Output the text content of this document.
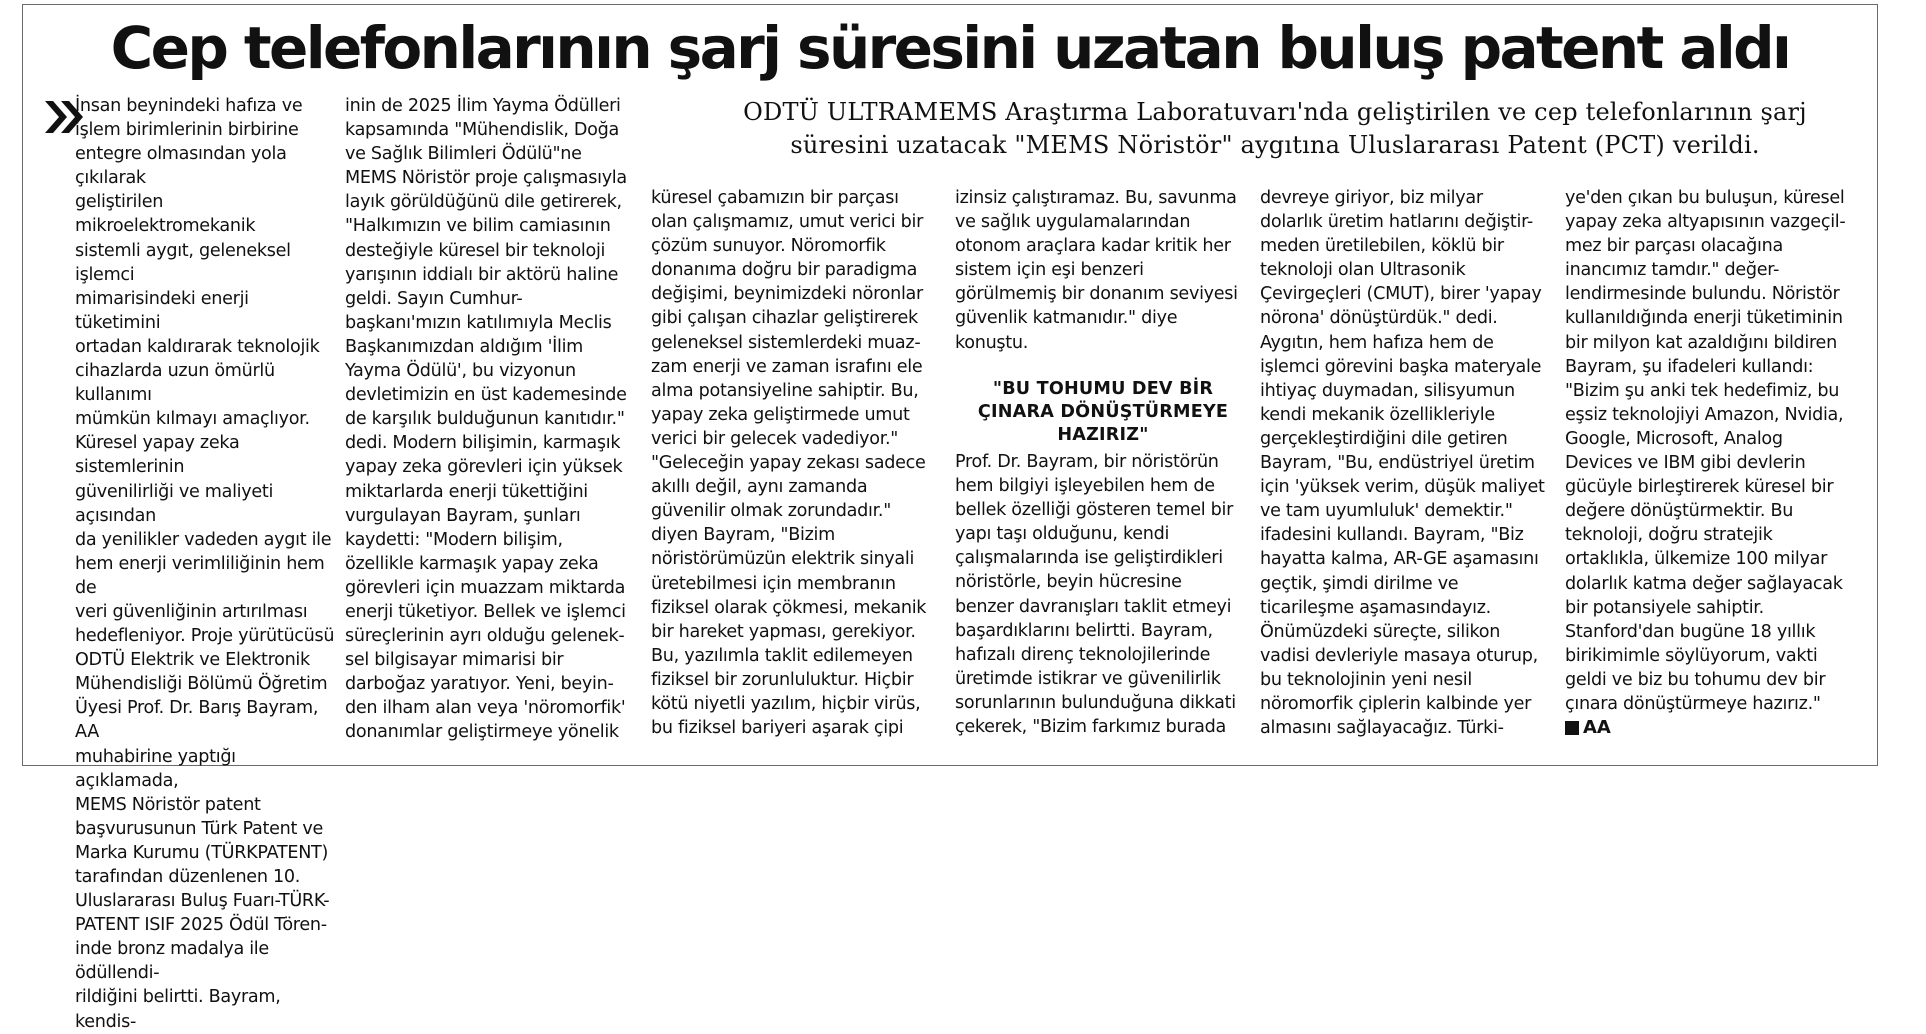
Cep telefonlarının şarj süresini uzatan buluş patent aldı
ODTÜ ULTRAMEMS Araştırma Laboratuvarı'nda geliştirilen ve cep telefonlarının şarj
süresini uzatacak "MEMS Nöristör" aygıtına Uluslararası Patent (PCT) verildi.

İnsan beynindeki hafıza ve
işlem birimlerinin birbirine
entegre olmasından yola çıkılarak
geliştirilen mikroelektromekanik
sistemli aygıt, geleneksel işlemci
mimarisindeki enerji tüketimini
ortadan kaldırarak teknolojik
cihazlarda uzun ömürlü kullanımı
mümkün kılmayı amaçlıyor.
Küresel yapay zeka sistemlerinin
güvenilirliği ve maliyeti açısından
da yenilikler vadeden aygıt ile
hem enerji verimliliğinin hem de
veri güvenliğinin artırılması
hedefleniyor. Proje yürütücüsü
ODTÜ Elektrik ve Elektronik
Mühendisliği Bölümü Öğretim
Üyesi Prof. Dr. Barış Bayram, AA
muhabirine yaptığı açıklamada,
MEMS Nöristör patent
başvurusunun Türk Patent ve
Marka Kurumu (TÜRKPATENT)
tarafından düzenlenen 10.
Uluslararası Buluş Fuarı-TÜRK-
PATENT ISIF 2025 Ödül Tören-
inde bronz madalya ile ödüllendi-
rildiğini belirtti. Bayram, kendis-

inin de 2025 İlim Yayma Ödülleri
kapsamında "Mühendislik, Doğa
ve Sağlık Bilimleri Ödülü"ne
MEMS Nöristör proje çalışmasıyla
layık görüldüğünü dile getirerek,
"Halkımızın ve bilim camiasının
desteğiyle küresel bir teknoloji
yarışının iddialı bir aktörü haline
geldi. Sayın Cumhur-
başkanı'mızın katılımıyla Meclis
Başkanımızdan aldığım 'İlim
Yayma Ödülü', bu vizyonun
devletimizin en üst kademesinde
de karşılık bulduğunun kanıtıdır."
dedi. Modern bilişimin, karmaşık
yapay zeka görevleri için yüksek
miktarlarda enerji tükettiğini
vurgulayan Bayram, şunları
kaydetti: "Modern bilişim,
özellikle karmaşık yapay zeka
görevleri için muazzam miktarda
enerji tüketiyor. Bellek ve işlemci
süreçlerinin ayrı olduğu gelenek-
sel bilgisayar mimarisi bir
darboğaz yaratıyor. Yeni, beyin-
den ilham alan veya 'nöromorfik'
donanımlar geliştirmeye yönelik

küresel çabamızın bir parçası
olan çalışmamız, umut verici bir
çözüm sunuyor. Nöromorfik
donanıma doğru bir paradigma
değişimi, beynimizdeki nöronlar
gibi çalışan cihazlar geliştirerek
geleneksel sistemlerdeki muaz-
zam enerji ve zaman israfını ele
alma potansiyeline sahiptir. Bu,
yapay zeka geliştirmede umut
verici bir gelecek vadediyor."
"Geleceğin yapay zekası sadece
akıllı değil, aynı zamanda
güvenilir olmak zorundadır."
diyen Bayram, "Bizim
nöristörümüzün elektrik sinyali
üretebilmesi için membranın
fiziksel olarak çökmesi, mekanik
bir hareket yapması, gerekiyor.
Bu, yazılımla taklit edilemeyen
fiziksel bir zorunluluktur. Hiçbir
kötü niyetli yazılım, hiçbir virüs,
bu fiziksel bariyeri aşarak çipi

izinsiz çalıştıramaz. Bu, savunma
ve sağlık uygulamalarından
otonom araçlara kadar kritik her
sistem için eşi benzeri
görülmemiş bir donanım seviyesi
güvenlik katmanıdır." diye
konuştu.

"BU TOHUMU DEV BİR
ÇINARA DÖNÜŞTÜRMEYE
HAZIRIZ"

Prof. Dr. Bayram, bir nöristörün
hem bilgiyi işleyebilen hem de
bellek özelliği gösteren temel bir
yapı taşı olduğunu, kendi
çalışmalarında ise geliştirdikleri
nöristörle, beyin hücresine
benzer davranışları taklit etmeyi
başardıklarını belirtti. Bayram,
hafızalı direnç teknolojilerinde
üretimde istikrar ve güvenilirlik
sorunlarının bulunduğuna dikkati
çekerek, "Bizim farkımız burada

devreye giriyor, biz milyar
dolarlık üretim hatlarını değiştir-
meden üretilebilen, köklü bir
teknoloji olan Ultrasonik
Çevirgeçleri (CMUT), birer 'yapay
nörona' dönüştürdük." dedi.
Aygıtın, hem hafıza hem de
işlemci görevini başka materyale
ihtiyaç duymadan, silisyumun
kendi mekanik özellikleriyle
gerçekleştirdiğini dile getiren
Bayram, "Bu, endüstriyel üretim
için 'yüksek verim, düşük maliyet
ve tam uyumluluk' demektir."
ifadesini kullandı. Bayram, "Biz
hayatta kalma, AR-GE aşamasını
geçtik, şimdi dirilme ve
ticarileşme aşamasındayız.
Önümüzdeki süreçte, silikon
vadisi devleriyle masaya oturup,
bu teknolojinin yeni nesil
nöromorfik çiplerin kalbinde yer
almasını sağlayacağız. Türki-

ye'den çıkan bu buluşun, küresel
yapay zeka altyapısının vazgeçil-
mez bir parçası olacağına
inancımız tamdır." değer-
lendirmesinde bulundu. Nöristör
kullanıldığında enerji tüketiminin
bir milyon kat azaldığını bildiren
Bayram, şu ifadeleri kullandı:
"Bizim şu anki tek hedefimiz, bu
eşsiz teknolojiyi Amazon, Nvidia,
Google, Microsoft, Analog
Devices ve IBM gibi devlerin
gücüyle birleştirerek küresel bir
değere dönüştürmektir. Bu
teknoloji, doğru stratejik
ortaklıkla, ülkemize 100 milyar
dolarlık katma değer sağlayacak
bir potansiyele sahiptir.
Stanford'dan bugüne 18 yıllık
birikimimle söylüyorum, vakti
geldi ve biz bu tohumu dev bir
çınara dönüştürmeye hazırız."

AA
